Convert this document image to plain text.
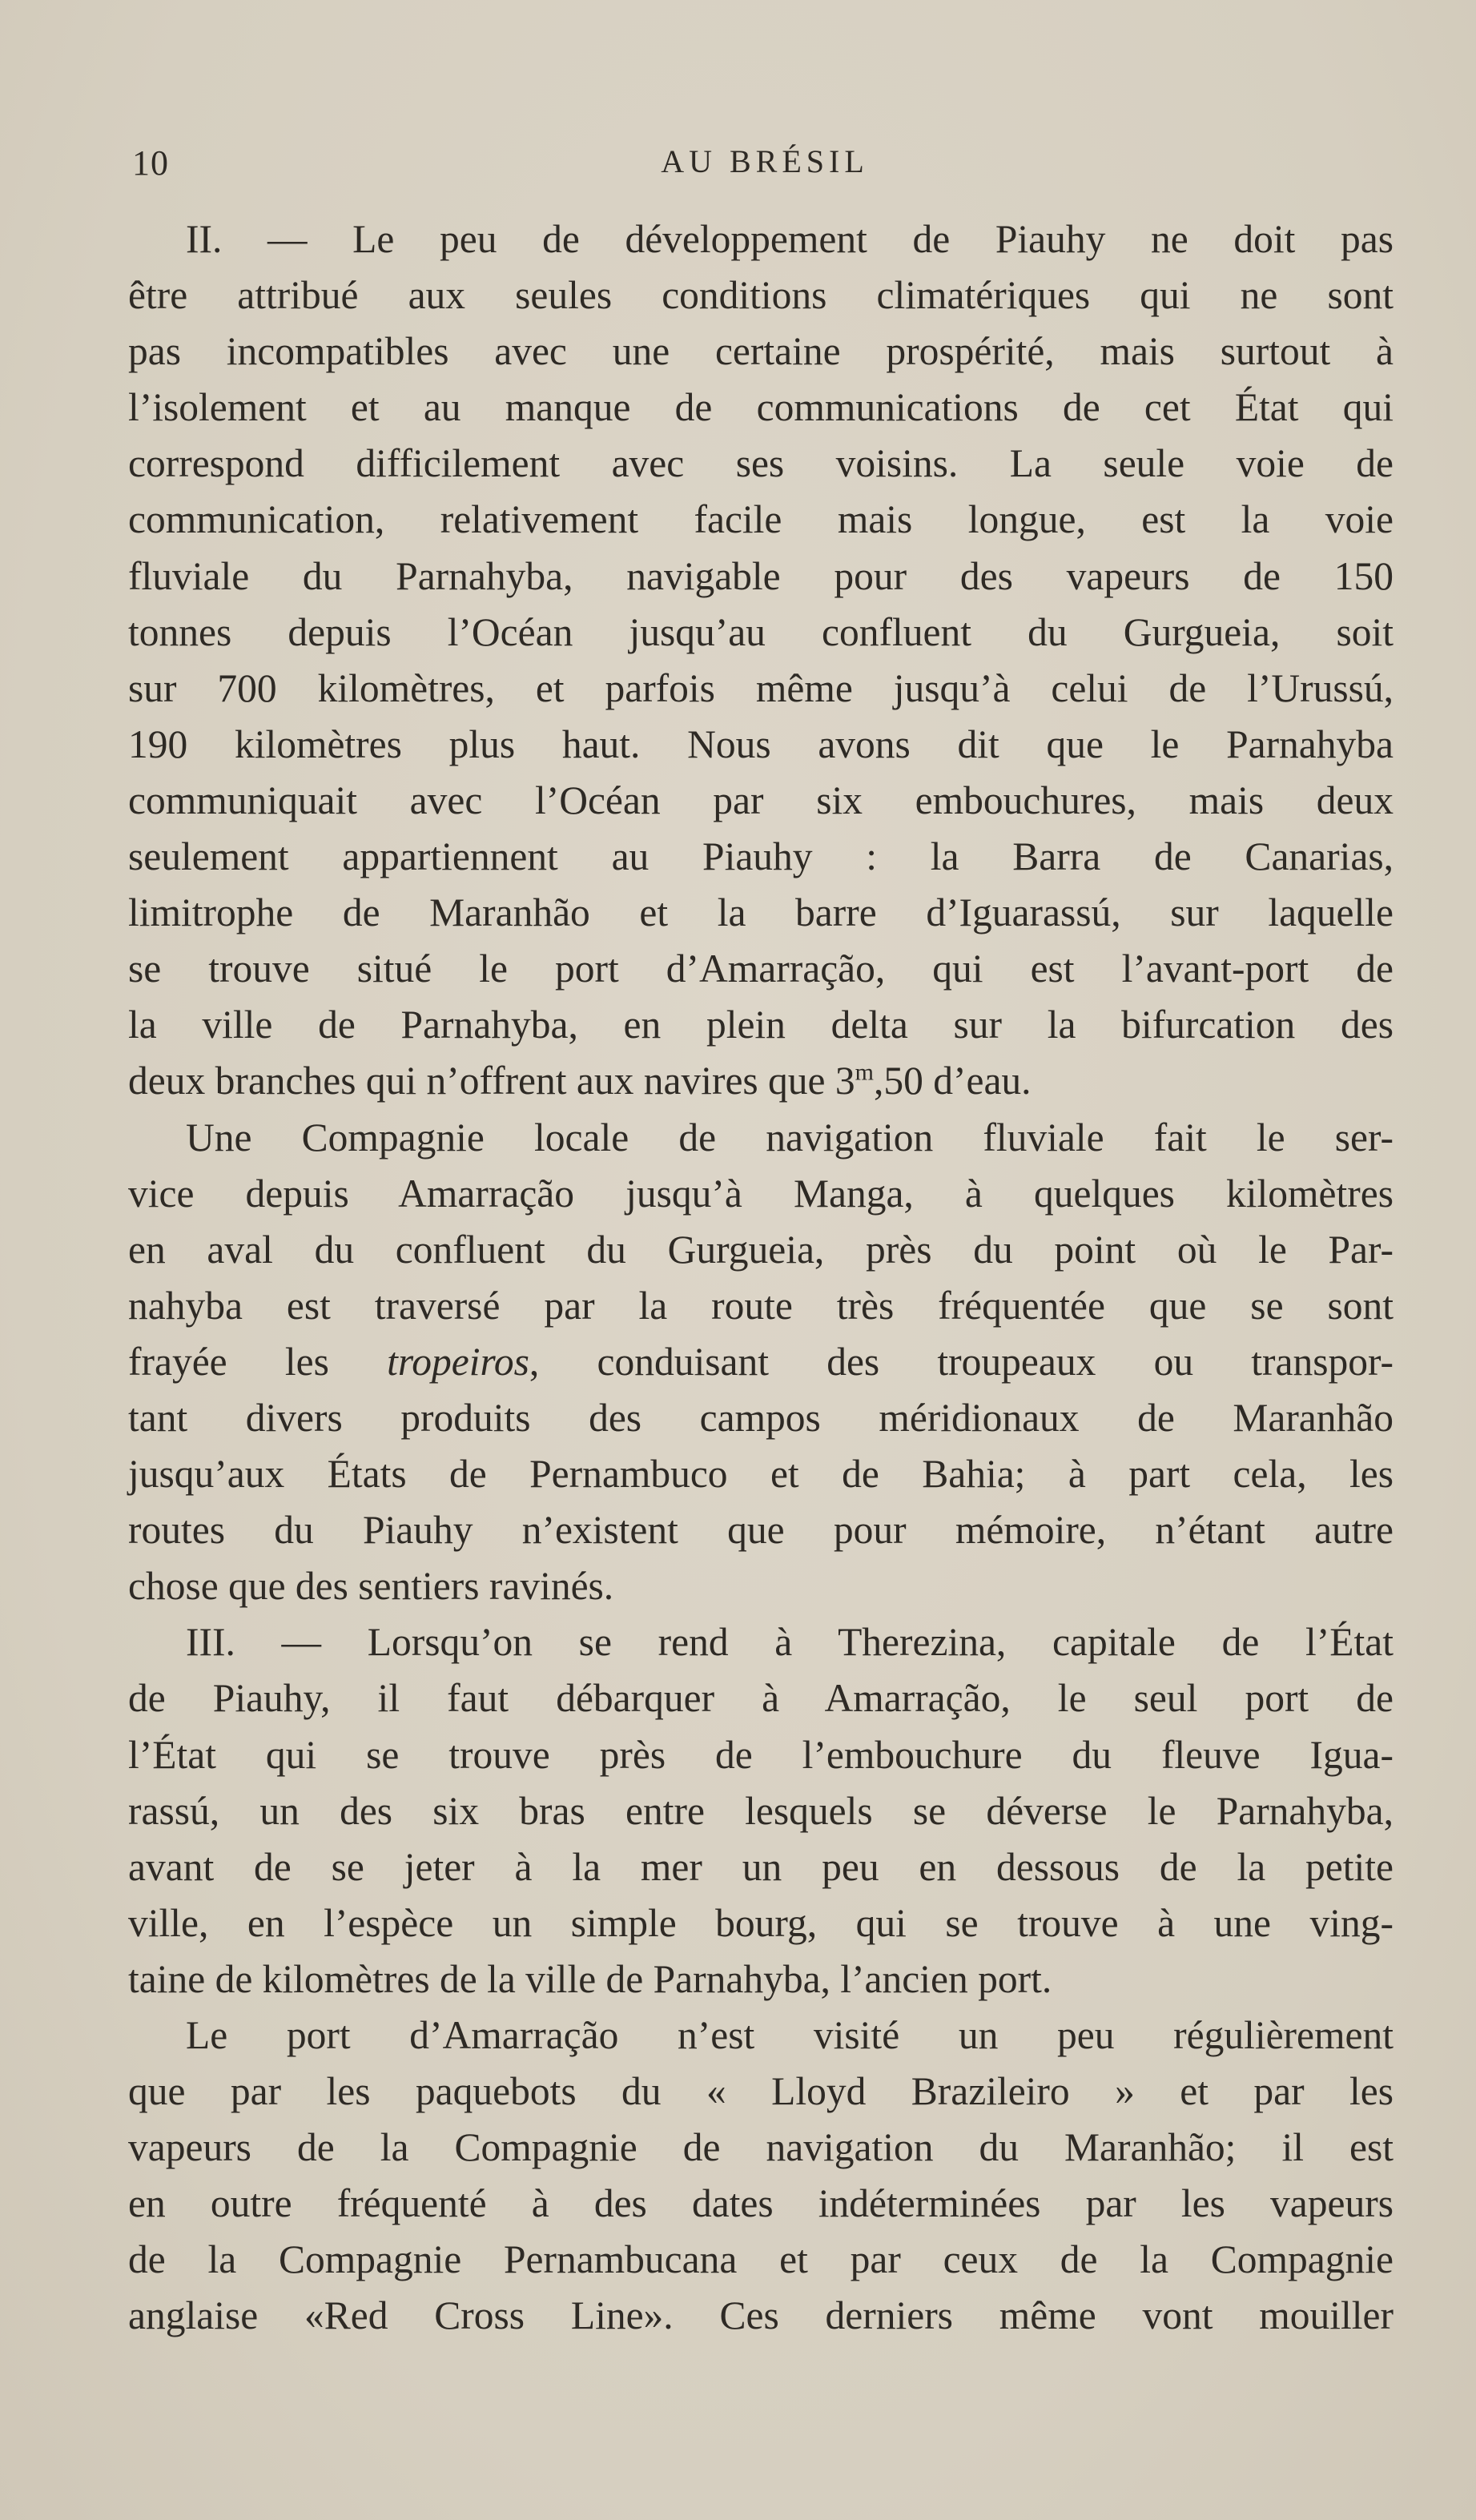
10	AU BRÉSIL
II. — Le peu de développement de Piauhy ne doit pas
être attribué aux seules conditions climatériques qui ne sont
pas incompatibles avec une certaine prospérité, mais surtout à
l’isolement et au manque de communications de cet État qui
correspond difficilement avec ses voisins. La seule voie de
communication, relativement facile mais longue, est la voie
fluviale du Parnahyba, navigable pour des vapeurs de 150
tonnes depuis l’Océan jusqu’au confluent du Gurgueia, soit
sur 700 kilomètres, et parfois même jusqu’à celui de l’Urussú,
190 kilomètres plus haut. Nous avons dit que le Parnahyba
communiquait avec l’Océan par six embouchures, mais deux
seulement appartiennent au Piauhy : la Barra de Canarias,
limitrophe de Maranhão et la barre d’Iguarassú, sur laquelle
se trouve situé le port d’Amarração, qui est l’avant-port de
la ville de Parnahyba, en plein delta sur la bifurcation des
deux branches qui n’offrent aux navires que 3$^m$,50 d’eau.
Une Compagnie locale de navigation fluviale fait le ser-
vice depuis Amarração jusqu’à Manga, à quelques kilomètres
en aval du confluent du Gurgueia, près du point où le Par-
nahyba est traversé par la route très fréquentée que se sont
frayée les tropeiros, conduisant des troupeaux ou transpor-
tant divers produits des campos méridionaux de Maranhão
jusqu’aux États de Pernambuco et de Bahia; à part cela, les
routes du Piauhy n’existent que pour mémoire, n’étant autre
chose que des sentiers ravinés.
III. — Lorsqu’on se rend à Therezina, capitale de l’État
de Piauhy, il faut débarquer à Amarração, le seul port de
l’État qui se trouve près de l’embouchure du fleuve Igua-
rassú, un des six bras entre lesquels se déverse le Parnahyba,
avant de se jeter à la mer un peu en dessous de la petite
ville, en l’espèce un simple bourg, qui se trouve à une ving-
taine de kilomètres de la ville de Parnahyba, l’ancien port.
Le port d’Amarração n’est visité un peu régulièrement
que par les paquebots du « Lloyd Brazileiro » et par les
vapeurs de la Compagnie de navigation du Maranhão; il est
en outre fréquenté à des dates indéterminées par les vapeurs
de la Compagnie Pernambucana et par ceux de la Compagnie
anglaise «Red Cross Line». Ces derniers même vont mouiller
